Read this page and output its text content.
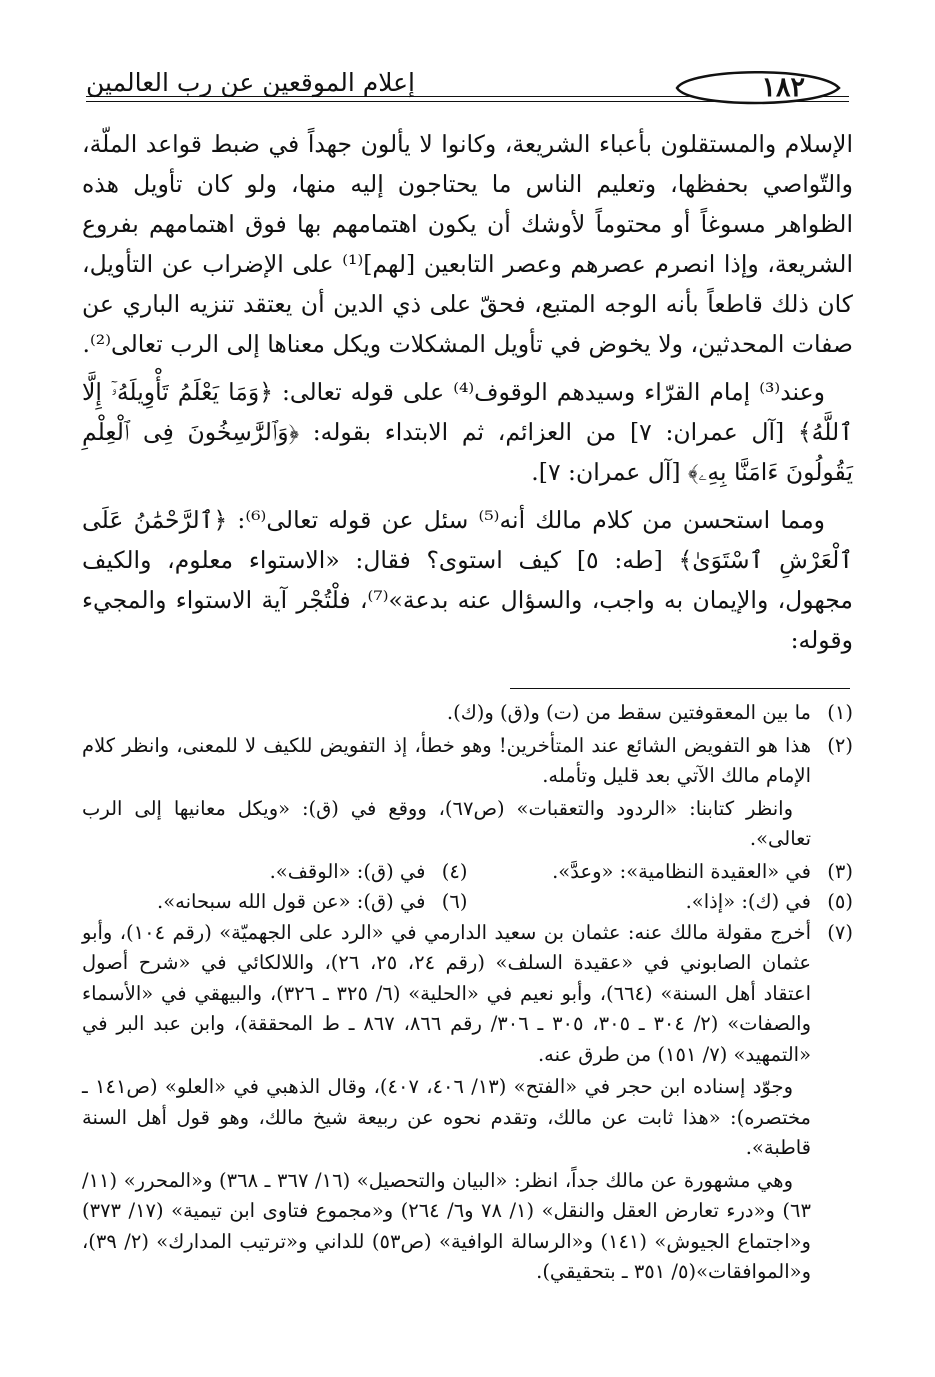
١٨٢
إعلام الموقعين عن رب العالمين

الإسلام والمستقلون بأعباء الشريعة، وكانوا لا يألون جهداً في ضبط قواعد الملّة، والتّواصي بحفظها، وتعليم الناس ما يحتاجون إليه منها، ولو كان تأويل هذه الظواهر مسوغاً أو محتوماً لأوشك أن يكون اهتمامهم بها فوق اهتمامهم بفروع الشريعة، وإذا انصرم عصرهم وعصر التابعين [لهم]⁽¹⁾ على الإضراب عن التأويل، كان ذلك قاطعاً بأنه الوجه المتبع، فحقّ على ذي الدين أن يعتقد تنزيه الباري عن صفات المحدثين، ولا يخوض في تأويل المشكلات ويكل معناها إلى الرب تعالى⁽²⁾.

وعند⁽³⁾ إمام القرّاء وسيدهم الوقوف⁽⁴⁾ على قوله تعالى: ﴿وَمَا يَعْلَمُ تَأْوِيلَهُۥٓ إِلَّا ٱللَّهُ﴾ [آل عمران: ٧] من العزائم، ثم الابتداء بقوله: ﴿وَٱلرَّٰسِخُونَ فِى ٱلْعِلْمِ يَقُولُونَ ءَامَنَّا بِهِۦ﴾ [آل عمران: ٧].

ومما استحسن من كلام مالك أنه⁽⁵⁾ سئل عن قوله تعالى⁽⁶⁾: ﴿ٱلرَّحْمَٰنُ عَلَى ٱلْعَرْشِ ٱسْتَوَىٰ﴾ [طه: ٥] كيف استوى؟ فقال: «الاستواء معلوم، والكيف مجهول، والإيمان به واجب، والسؤال عنه بدعة»⁽⁷⁾، فلْتُجْر آية الاستواء والمجيء وقوله:

(١)
ما بين المعقوفتين سقط من (ت) و(ق) و(ك).
(٢)
هذا هو التفويض الشائع عند المتأخرين! وهو خطأ، إذ التفويض للكيف لا للمعنى، وانظر كلام الإمام مالك الآتي بعد قليل وتأمله.
وانظر كتابنا: «الردود والتعقبات» (ص٦٧)، ووقع في (ق): «ويكل معانيها إلى الرب تعالى».
(٣)
في «العقيدة النظامية»: «وعدَّ».
(٤)
في (ق): «الوقف».
(٥)
في (ك): «إذا».
(٦)
في (ق): «عن قول الله سبحانه».
(٧)
أخرج مقولة مالك عنه: عثمان بن سعيد الدارمي في «الرد على الجهميّة» (رقم ١٠٤)، وأبو عثمان الصابوني في «عقيدة السلف» (رقم ٢٤، ٢٥، ٢٦)، واللالكائي في «شرح أصول اعتقاد أهل السنة» (٦٦٤)، وأبو نعيم في «الحلية» (٦/ ٣٢٥ ـ ٣٢٦)، والبيهقي في «الأسماء والصفات» (٢/ ٣٠٤ ـ ٣٠٥، ٣٠٥ ـ ٣٠٦/ رقم ٨٦٦، ٨٦٧ ـ ط المحققة)، وابن عبد البر في «التمهيد» (٧/ ١٥١) من طرق عنه.
وجوّد إسناده ابن حجر في «الفتح» (١٣/ ٤٠٦، ٤٠٧)، وقال الذهبي في «العلو» (ص١٤١ ـ مختصره): «هذا ثابت عن مالك، وتقدم نحوه عن ربيعة شيخ مالك، وهو قول أهل السنة قاطبة».
وهي مشهورة عن مالك جداً، انظر: «البيان والتحصيل» (١٦/ ٣٦٧ ـ ٣٦٨) و«المحرر» (١١/ ٦٣) و«درء تعارض العقل والنقل» (١/ ٧٨ و٦/ ٢٦٤) و«مجموع فتاوى ابن تيمية» (١٧/ ٣٧٣) و«اجتماع الجيوش» (١٤١) و«الرسالة الوافية» (ص٥٣) للداني و«ترتيب المدارك» (٢/ ٣٩)، و«الموافقات»(٥/ ٣٥١ ـ بتحقيقي).
